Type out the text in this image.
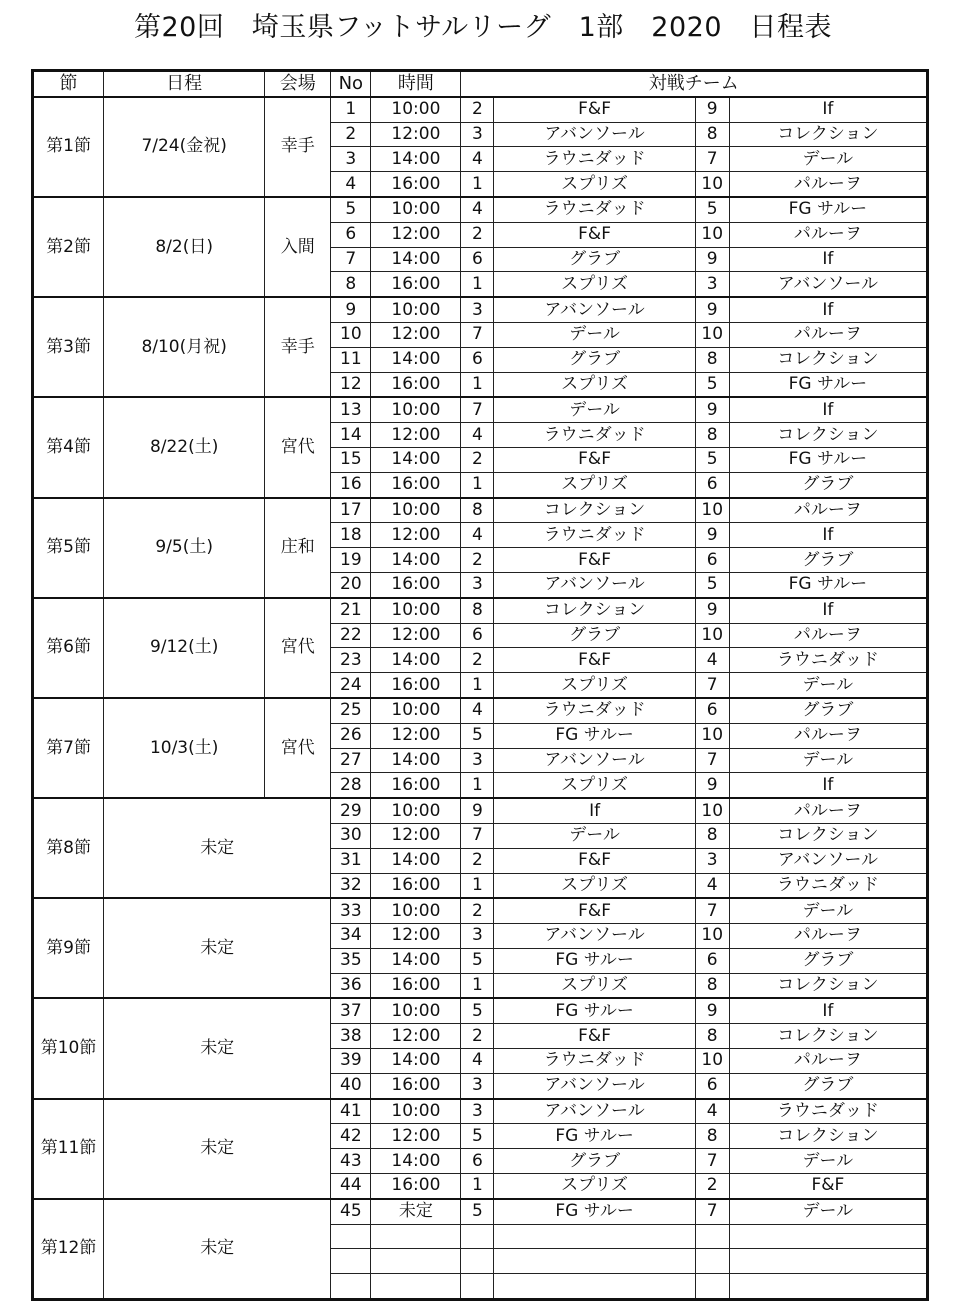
第20回　埼玉県フットサルリーグ　1部　2020　日程表
節	日程	会場	No	時間	対戦チーム			
第1節	7/24(金祝)	幸手	1	10:00	2	F&F	9	If
			2	12:00	3	アバンソール	8	コレクション
			3	14:00	4	ラウニダッド	7	デール
			4	16:00	1	スプリズ	10	パルーヲ
第2節	8/2(日)	入間	5	10:00	4	ラウニダッド	5	FG サルー
			6	12:00	2	F&F	10	パルーヲ
			7	14:00	6	グラブ	9	If
			8	16:00	1	スプリズ	3	アバンソール
第3節	8/10(月祝)	幸手	9	10:00	3	アバンソール	9	If
			10	12:00	7	デール	10	パルーヲ
			11	14:00	6	グラブ	8	コレクション
			12	16:00	1	スプリズ	5	FG サルー
第4節	8/22(土)	宮代	13	10:00	7	デール	9	If
			14	12:00	4	ラウニダッド	8	コレクション
			15	14:00	2	F&F	5	FG サルー
			16	16:00	1	スプリズ	6	グラブ
第5節	9/5(土)	庄和	17	10:00	8	コレクション	10	パルーヲ
			18	12:00	4	ラウニダッド	9	If
			19	14:00	2	F&F	6	グラブ
			20	16:00	3	アバンソール	5	FG サルー
第6節	9/12(土)	宮代	21	10:00	8	コレクション	9	If
			22	12:00	6	グラブ	10	パルーヲ
			23	14:00	2	F&F	4	ラウニダッド
			24	16:00	1	スプリズ	7	デール
第7節	10/3(土)	宮代	25	10:00	4	ラウニダッド	6	グラブ
			26	12:00	5	FG サルー	10	パルーヲ
			27	14:00	3	アバンソール	7	デール
			28	16:00	1	スプリズ	9	If
第8節	未定		29	10:00	9	If	10	パルーヲ
			30	12:00	7	デール	8	コレクション
			31	14:00	2	F&F	3	アバンソール
			32	16:00	1	スプリズ	4	ラウニダッド
第9節	未定		33	10:00	2	F&F	7	デール
			34	12:00	3	アバンソール	10	パルーヲ
			35	14:00	5	FG サルー	6	グラブ
			36	16:00	1	スプリズ	8	コレクション
第10節	未定		37	10:00	5	FG サルー	9	If
			38	12:00	2	F&F	8	コレクション
			39	14:00	4	ラウニダッド	10	パルーヲ
			40	16:00	3	アバンソール	6	グラブ
第11節	未定		41	10:00	3	アバンソール	4	ラウニダッド
			42	12:00	5	FG サルー	8	コレクション
			43	14:00	6	グラブ	7	デール
			44	16:00	1	スプリズ	2	F&F
第12節	未定		45	未定	5	FG サルー	7	デール
